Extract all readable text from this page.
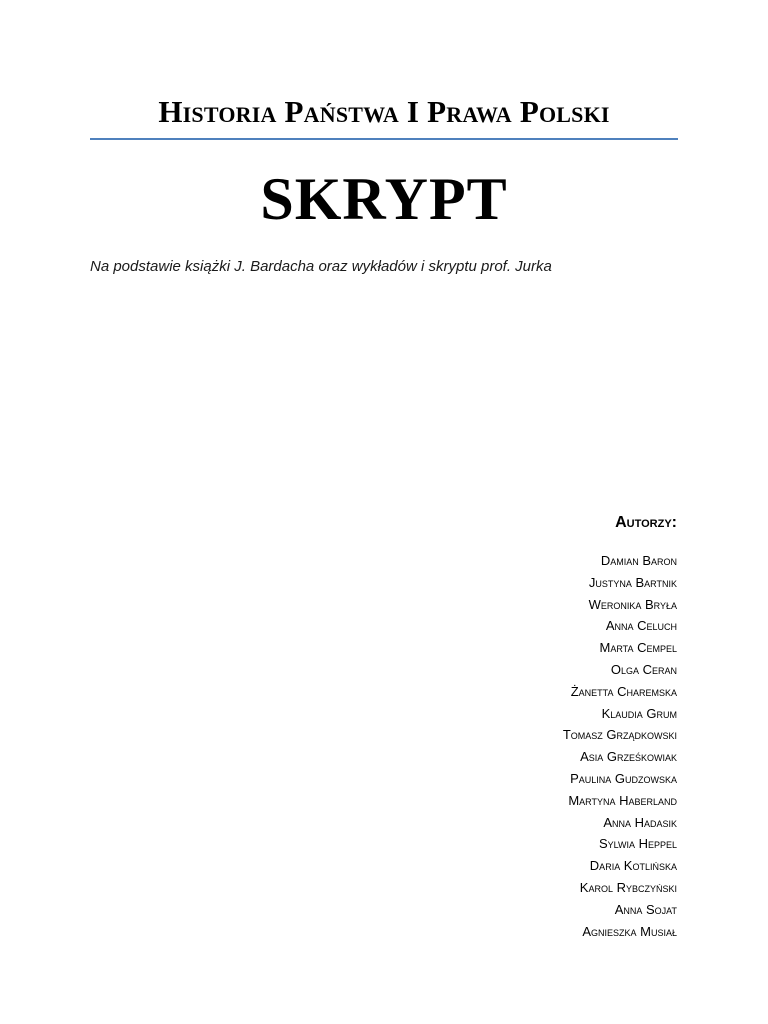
Historia Państwa I Prawa Polski
SKRYPT
Na podstawie książki J. Bardacha oraz wykładów i skryptu prof. Jurka
Autorzy:
Damian Baron
Justyna Bartnik
Weronika Bryła
Anna Celuch
Marta Cempel
Olga Ceran
Żanetta Charemska
Klaudia Grum
Tomasz Grządkowski
Asia Grześkowiak
Paulina Gudzowska
Martyna Haberland
Anna Hadasik
Sylwia Heppel
Daria Kotlińska
Karol Rybczyński
Anna Sojat
Agnieszka Musiał
